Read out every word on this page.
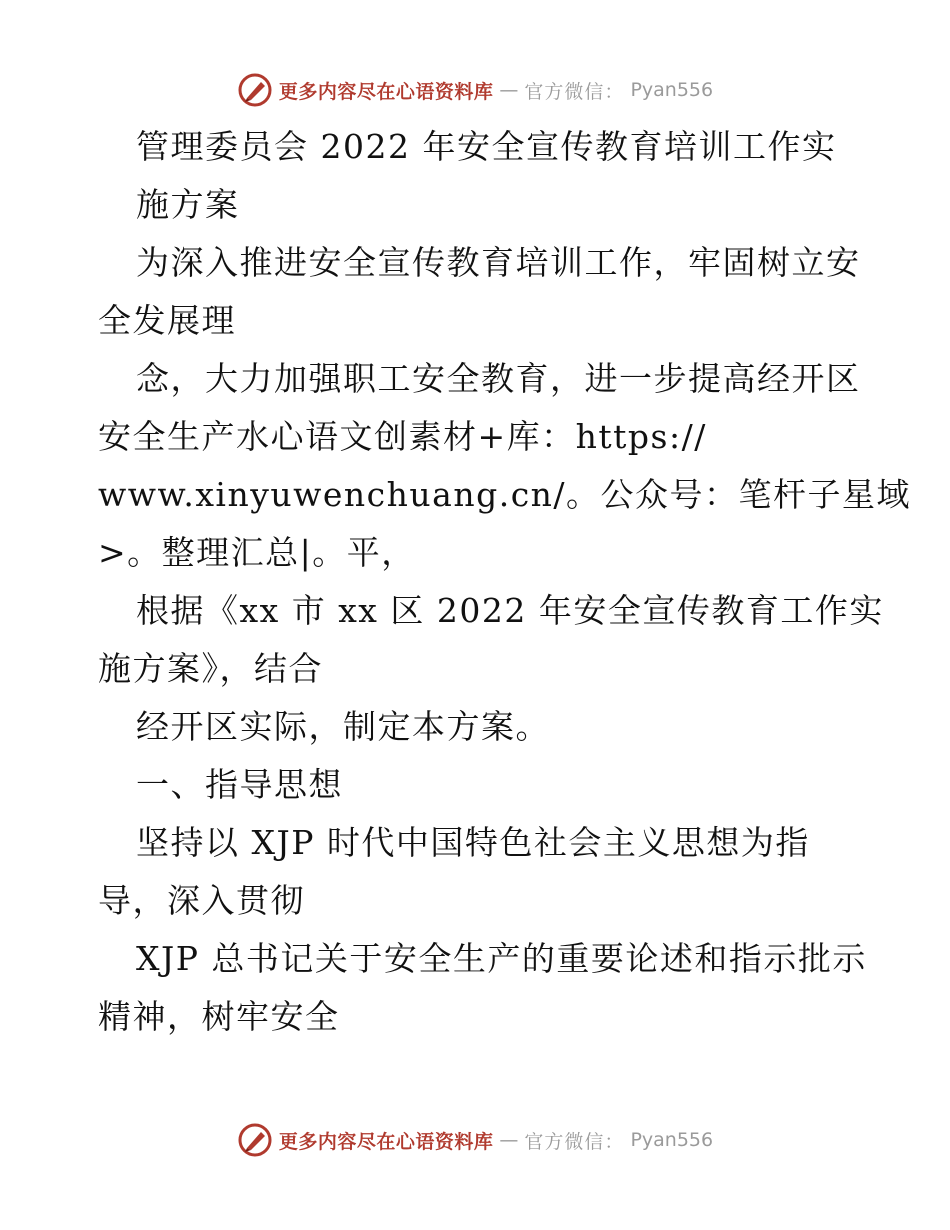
更多内容尽在心语资料库 — 官方微信： Pyan556
管理委员会 2022 年安全宣传教育培训工作实
施方案
为深入推进安全宣传教育培训工作，牢固树立安
全发展理
念，大力加强职工安全教育，进一步提高经开区
安全生产水心语文创素材+库：https://
www.xinyuwenchuang.cn/。公众号：笔杆子星域
>。整理汇总|。平，
根据《xx 市 xx 区 2022 年安全宣传教育工作实
施方案》，结合
经开区实际，制定本方案。
一、指导思想
坚持以 XJP 时代中国特色社会主义思想为指
导，深入贯彻
XJP 总书记关于安全生产的重要论述和指示批示
精神，树牢安全
更多内容尽在心语资料库 — 官方微信： Pyan556
